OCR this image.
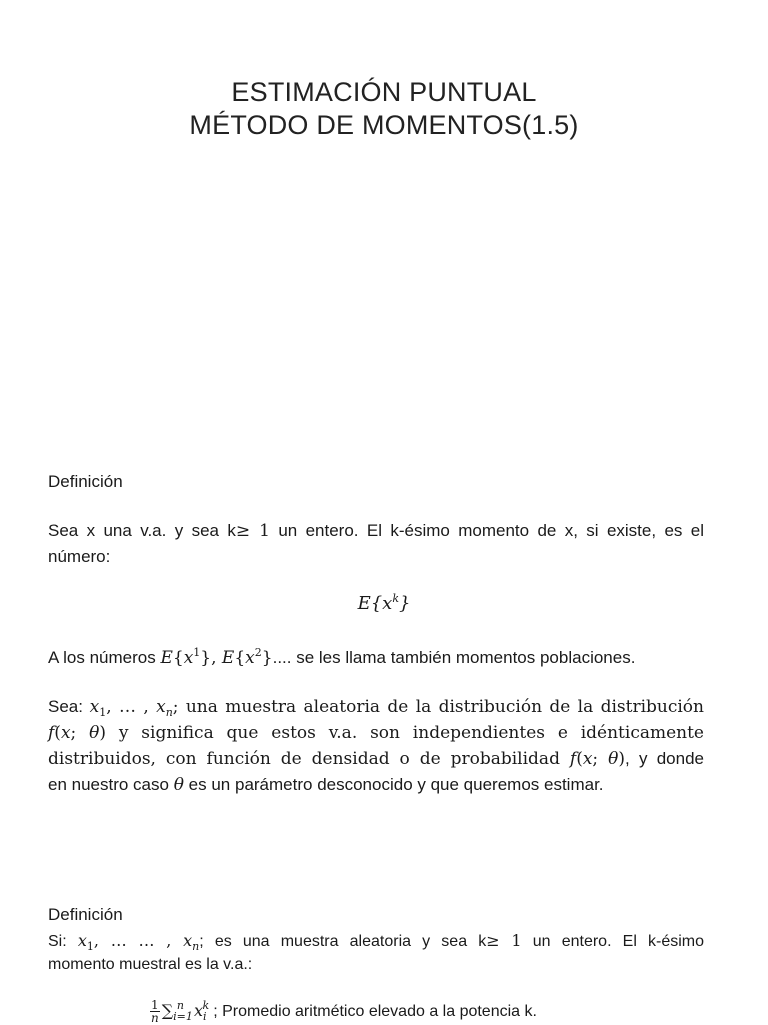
ESTIMACIÓN PUNTUAL
MÉTODO DE MOMENTOS(1.5)
Definición
Sea x una v.a. y sea k≥ 1 un entero. El k-ésimo momento de x, si existe, es el número:
$E\{x^k\}$
A los números $E\{x^1\}$, $E\{x^2\}$.... se les llama también momentos poblaciones.
Sea: $x_1$, … , $x_n$; una muestra aleatoria de la distribución de la distribución
f(x; θ) y significa que estos v.a. son independientes e idénticamente
distribuidos, con función de densidad o de probabilidad f(x; θ), y donde
en nuestro caso θ es un parámetro desconocido y que queremos estimar.
Definición
Si: $x_1$, … … , $x_n$; es una muestra aleatoria y sea k≥ 1 un entero. El k-ésimo
momento muestral es la v.a.:
$\frac{1}{n} \sum_{i=1}^n$ $x_i^k$ ; Promedio aritmético elevado a la potencia k.
